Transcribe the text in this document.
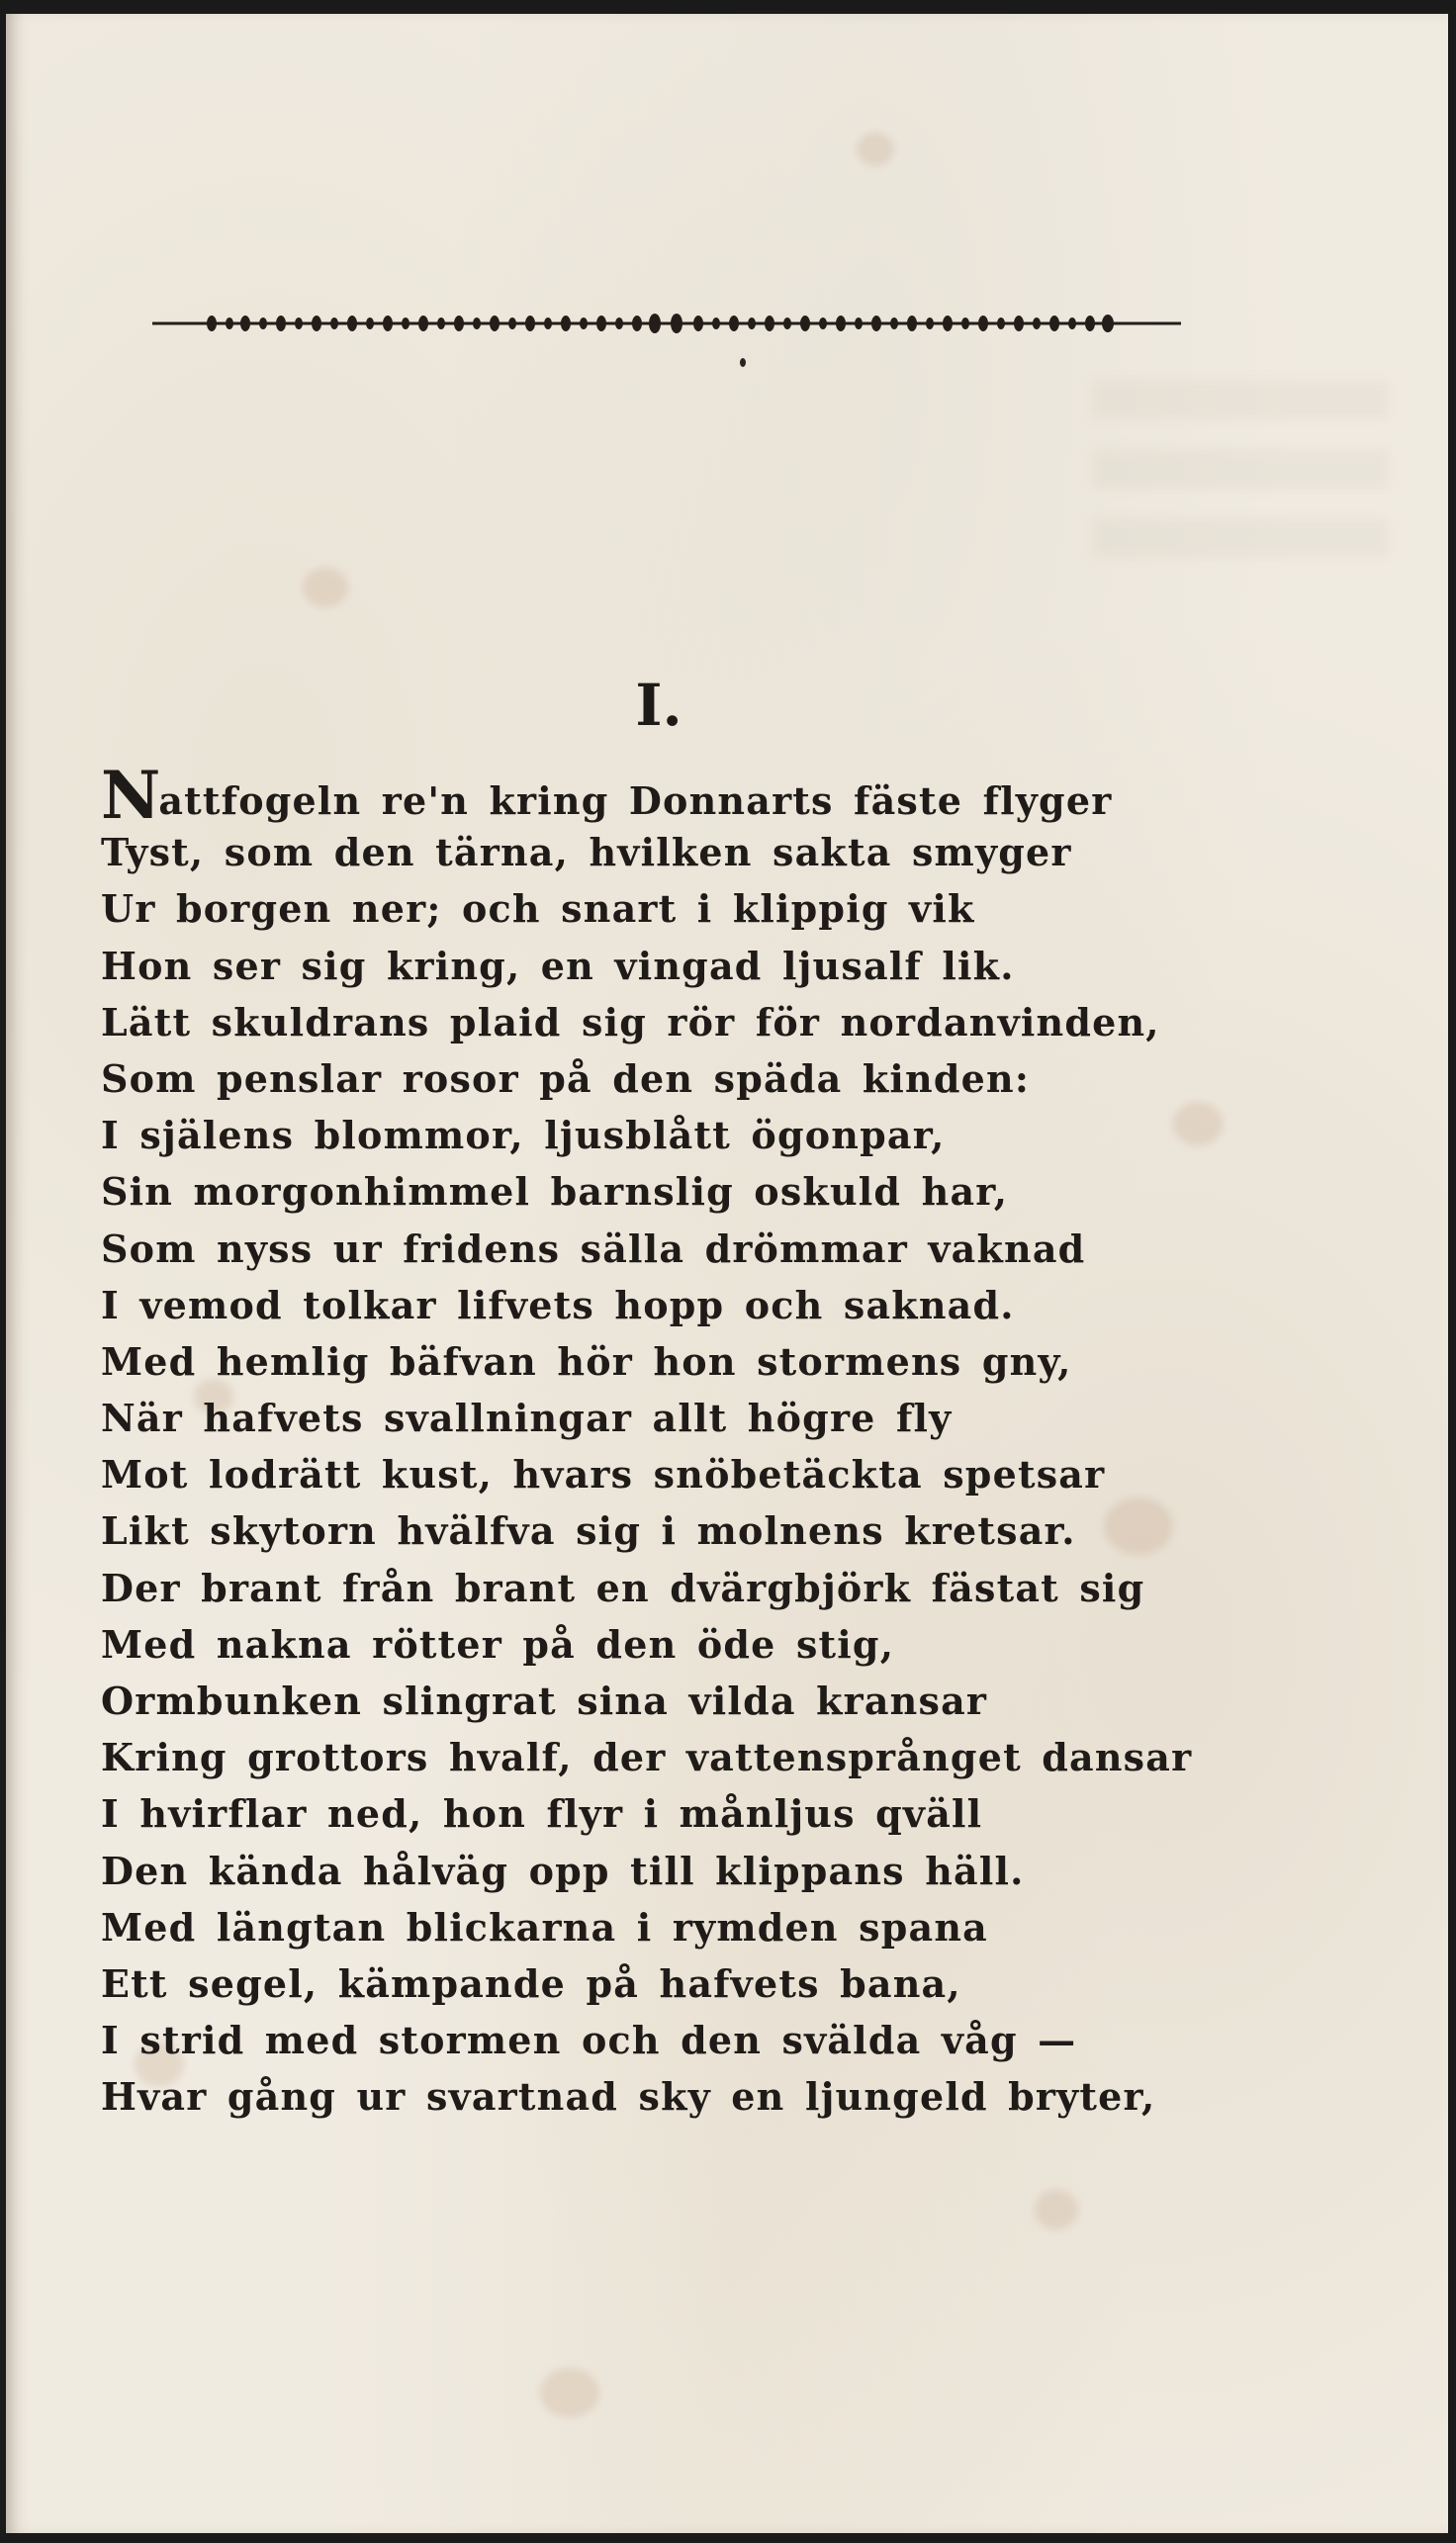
I.
Nattfogeln re'n kring Donnarts fäste flyger
Tyst, som den tärna, hvilken sakta smyger
Ur borgen ner; och snart i klippig vik
Hon ser sig kring, en vingad ljusalf lik.
Lätt skuldrans plaid sig rör för nordanvinden,
Som penslar rosor på den späda kinden:
I själens blommor, ljusblått ögonpar,
Sin morgonhimmel barnslig oskuld har,
Som nyss ur fridens sälla drömmar vaknad
I vemod tolkar lifvets hopp och saknad.
Med hemlig bäfvan hör hon stormens gny,
När hafvets svallningar allt högre fly
Mot lodrätt kust, hvars snöbetäckta spetsar
Likt skytorn hvälfva sig i molnens kretsar.
Der brant från brant en dvärgbjörk fästat sig
Med nakna rötter på den öde stig,
Ormbunken slingrat sina vilda kransar
Kring grottors hvalf, der vattensprånget dansar
I hvirflar ned, hon flyr i månljus qväll
Den kända hålväg opp till klippans häll.
Med längtan blickarna i rymden spana
Ett segel, kämpande på hafvets bana,
I strid med stormen och den svälda våg —
Hvar gång ur svartnad sky en ljungeld bryter,
